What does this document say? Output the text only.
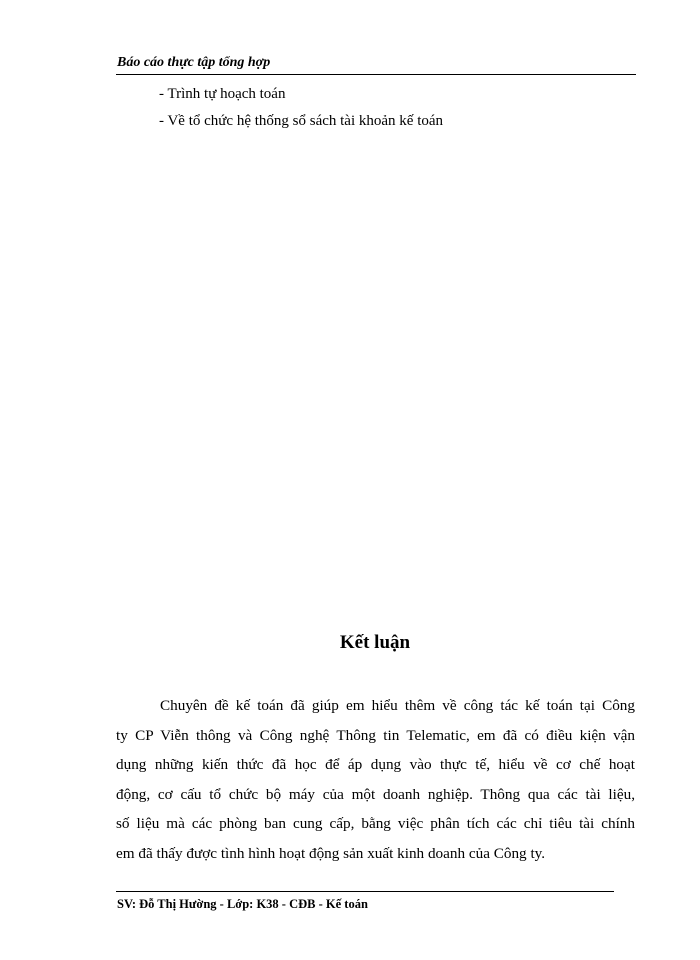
Báo cáo thực tập tổng hợp
- Trình tự hoạch toán
- Về tổ chức hệ thống sổ sách tài khoản kế toán
Kết luận
Chuyên đề kế toán đã giúp em hiểu thêm về công tác kế toán tại Công
ty CP Viễn thông và Công nghệ Thông tin Telematic, em đã có điều kiện vận
dụng những kiến thức đã học để áp dụng vào thực tế, hiểu về cơ chế hoạt
động, cơ cấu tổ chức bộ máy của một doanh nghiệp. Thông qua các tài liệu,
số liệu mà các phòng ban cung cấp, bằng việc phân tích các chỉ tiêu tài chính
em đã thấy được tình hình hoạt động sản xuất kinh doanh của Công ty.
SV: Đỗ Thị Hường - Lớp: K38 - CĐB - Kế toán
